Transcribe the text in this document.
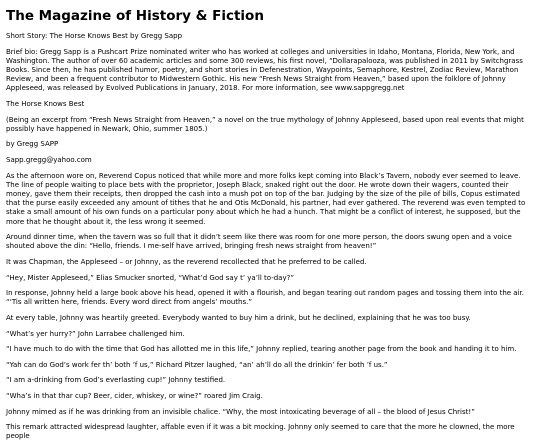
The Magazine of History & Fiction

Short Story: The Horse Knows Best by Gregg Sapp

Brief bio: Gregg Sapp is a Pushcart Prize nominated writer who has worked at colleges and universities in Idaho, Montana, Florida, New York, and Washington. The author of over 60 academic articles and some 300 reviews, his first novel, “Dollarapalooza, was published in 2011 by Switchgrass Books. Since then, he has published humor, poetry, and short stories in Defenestration, Waypoints, Semaphore, Kestrel, Zodiac Review, Marathon Review, and been a frequent contributor to Midwestern Gothic. His new “Fresh News Straight from Heaven,” based upon the folklore of Johnny Appleseed, was released by Evolved Publications in January, 2018. For more information, see www.sappgregg.net

The Horse Knows Best

(Being an excerpt from “Fresh News Straight from Heaven,” a novel on the true mythology of Johnny Appleseed, based upon real events that might possibly have happened in Newark, Ohio, summer 1805.)

by Gregg SAPP

Sapp.gregg@yahoo.com

As the afternoon wore on, Reverend Copus noticed that while more and more folks kept coming into Black’s Tavern, nobody ever seemed to leave. The line of people waiting to place bets with the proprietor, Joseph Black, snaked right out the door. He wrote down their wagers, counted their money, gave them their receipts, then dropped the cash into a mush pot on top of the bar. Judging by the size of the pile of bills, Copus estimated that the purse easily exceeded any amount of tithes that he and Otis McDonald, his partner, had ever gathered. The reverend was even tempted to stake a small amount of his own funds on a particular pony about which he had a hunch. That might be a conflict of interest, he supposed, but the more that he thought about it, the less wrong it seemed.

Around dinner time, when the tavern was so full that it didn’t seem like there was room for one more person, the doors swung open and a voice shouted above the din: “Hello, friends. I me-self have arrived, bringing fresh news straight from heaven!”

It was Chapman, the Appleseed – or Johnny, as the reverend recollected that he preferred to be called.

“Hey, Mister Appleseed,” Elias Smucker snorted, “What’d God say t’ ya’ll to-day?”

In response, Johnny held a large book above his head, opened it with a flourish, and began tearing out random pages and tossing them into the air. “‘Tis all written here, friends. Every word direct from angels’ mouths.”

At every table, Johnny was heartily greeted. Everybody wanted to buy him a drink, but he declined, explaining that he was too busy.

“What’s yer hurry?” John Larrabee challenged him.

“I have much to do with the time that God has allotted me in this life,” Johnny replied, tearing another page from the book and handing it to him.

“Yah can do God’s work fer th’ both ’f us,” Richard Pitzer laughed, “an’ ah’ll do all the drinkin’ fer both ’f us.”

“I am a-drinking from God’s everlasting cup!” Johnny testified.

“Wha’s in that thar cup? Beer, cider, whiskey, or wine?” roared Jim Craig.

Johnny mimed as if he was drinking from an invisible chalice. “Why, the most intoxicating beverage of all – the blood of Jesus Christ!”

This remark attracted widespread laughter, affable even if it was a bit mocking. Johnny only seemed to care that the more he clowned, the more people
